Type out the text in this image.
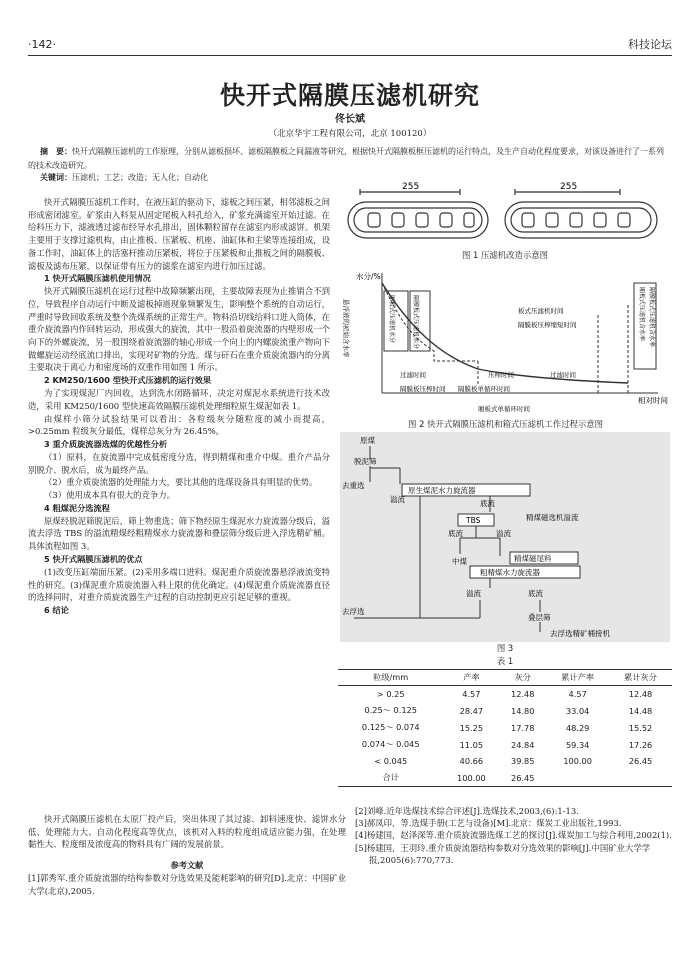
·142·	科技论坛
快开式隔膜压滤机研究
佟长斌
（北京华宇工程有限公司，北京 100120）
摘　要：快开式隔膜压滤机的工作原理，分别从滤板损坏、滤板隔膜板之间漏液等研究，根据快开式隔膜板框压滤机的运行特点，及生产自动化程度要求，对该设备进行了一系列的技术改造研究。
关键词：压滤机；工艺；改造；无人化；自动化

快开式隔膜压滤机工作时，在液压缸的驱动下，滤板之间压紧，相邻滤板之间形成密闭滤室。矿浆由入料泵从固定尾板入料孔给入，矿浆充满滤室开始过滤。在给料压力下，滤液透过滤布经导水孔排出，固体颗粒留存在滤室内形成滤饼。机架主要用于支撑过滤机构，由止推板、压紧板、机座、油缸体和主梁等连接组成，设备工作时，油缸体上的活塞杆推动压紧板，将位于压紧板和止推板之间的隔膜板、滤板及滤布压紧，以保证带有压力的滤浆在滤室内进行加压过滤。

1 快开式隔膜压滤机使用情况

快开式隔膜压滤机在运行过程中故障频繁出现，主要故障表现为止推销合不到位，导致程序自动运行中断及滤板掉道现象频繁发生，影响整个系统的自动运行，严重时导致回收系统及整个洗煤系统的正常生产。物料沿切线给料口进入筒体，在重介旋流器内作回转运动，形成强大的旋流，其中一股沿着旋流器的内壁形成一个向下的外螺旋流，另一股围绕着旋流器的轴心形成一个向上的内螺旋流重产物向下做螺旋运动经底流口排出，实现对矿物的分选。煤与矸石在重介质旋流器内的分离主要取决于离心力和密度场的双重作用如图 1 所示。

2 KM250/1600 型快开式压滤机的运行效果

为了实现煤泥厂内回收，达到洗水闭路循环，决定对煤泥水系统进行技术改造，采用 KM250/1600 型快速高效隔膜压滤机处理细粒原生煤泥如表 1。

由煤样小筛分试验结果可以看出：各粒级灰分随粒度的减小而提高，>0.25mm 粒级灰分最低，煤样总灰分为 26.45%。

3 重介质旋流器选煤的优越性分析

（1）原料，在旋流器中完成低密度分选，得到精煤和重介中煤。重介产品分别脱介、脱水后，成为最终产品。

（2）重介质旋流器的处理能力大，要比其他的选煤设备具有明显的优势。

（3）使用成本具有很大的竞争力。

4 粗煤泥分选流程

原煤经脱泥筛脱泥后，筛上物重选；筛下物经原生煤泥水力旋流器分级后，溢流去浮选 TBS 的溢流精煤经粗精煤水力旋流器和叠层筛分级后进入浮选精矿桶。具体流程如图 3。

5 快开式隔膜压滤机的优点

(1)改变压缸端面压紧。(2)采用多端口进料。煤泥重介质旋流器悬浮液流变特性的研究。(3)煤泥重介质旋流器入料上限的优化确定。(4)煤泥重介质旋流器直径的选择同时，对重介质旋流器生产过程的自动控制更应引起足够的重视。

6 结论

快开式隔膜压滤机在太原厂投产后，突出体现了其过滤、卸料速度快、滤饼水分低、处理能力大、自动化程度高等优点，该机对入料的粒度组成适应能力强，在处理黏性大、粒度细及浓度高的物料具有广阔的发展前景。

参考文献

[1]郭秀军.重介质旋流器的结构参数对分选效果及能耗影响的研究[D].北京：中国矿业大学(北京),2005.

255	255
图 1 压滤机改造示意图
水分/%
相对时间
悬浮液的初始含水率	厢板式压滤机水分	隔膜板式压滤机水分	厢板式压滤机含水率 隔膜板式压滤机含水率
板式压滤机时间
隔膜板压榨缩短时间
过滤时间	压榨时间
隔膜板压榨时间 隔膜板单循环时间
厢板式单循环时间
过滤时间
图 2 快开式隔膜压滤机和箱式压滤机工作过程示意图
原煤
脱泥筛
去重选
溢流
原生煤泥水力旋流器
底流
TBS	精煤磁选机溢流
底流	溢流
中煤	精煤磁尾料
粗精煤水力旋流器
溢流	底流
去浮选
叠层筛
去浮选精矿桶接机
图 3
表 1
粒级/mm	产率	灰分	累计产率	累计灰分
> 0.25	4.57	12.48	4.57	12.48
0.25～ 0.125	28.47	14.80	33.04	14.48
0.125～ 0.074	15.25	17.78	48.29	15.52
0.074～ 0.045	11.05	24.84	59.34	17.26
< 0.045	40.66	39.85	100.00	26.45
合计	100.00	26.45		

[2]刘峰.近年选煤技术综合评述[J].选煤技术,2003,(6):1-13.

[3]郝凤印，等.选煤手册(工艺与设备)[M].北京：煤炭工业出版社,1993.

[4]杨建国，赵泽深等.重介质旋流器选煤工艺的探讨[J].煤炭加工与综合利用,2002(1).

[5]杨建国，王羽玲.重介质旋流器结构参数对分选效果的影响[J].中国矿业大学学报,2005(6):770,773.
